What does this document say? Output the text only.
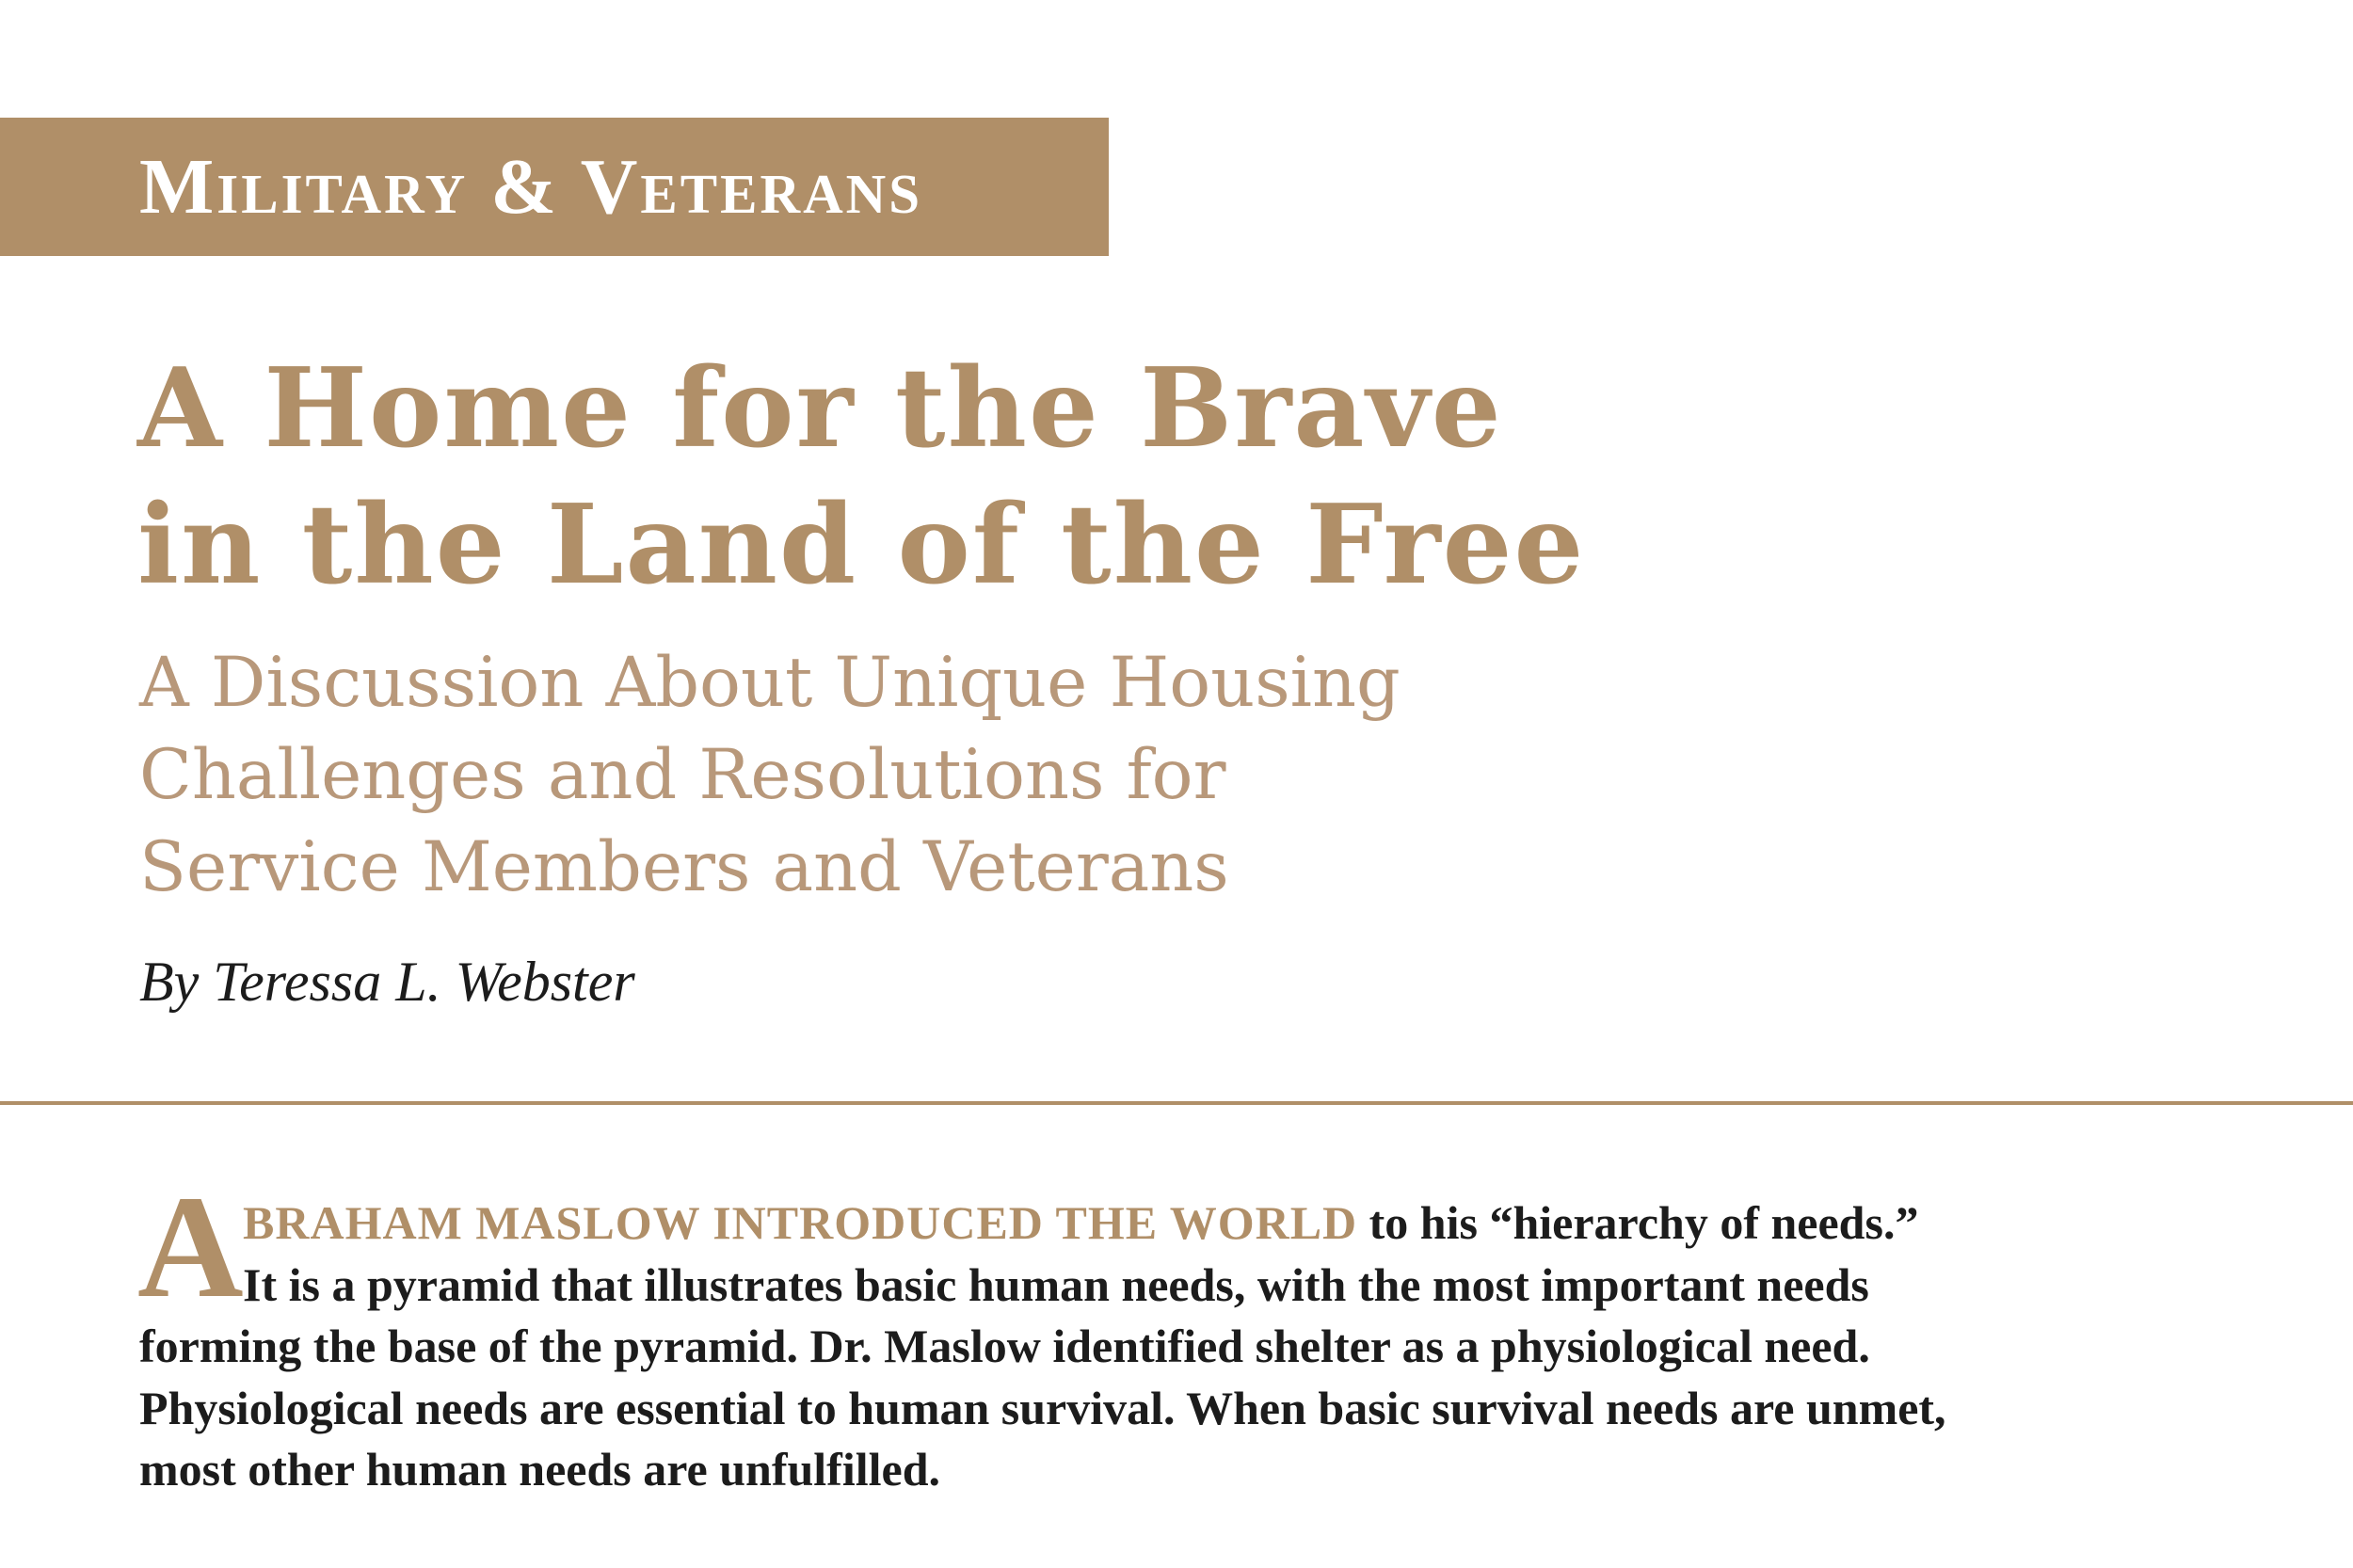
Military & Veterans
A Home for the Brave
in the Land of the Free
A Discussion About Unique Housing
Challenges and Resolutions for
Service Members and Veterans
By Teressa L. Webster
A BRAHAM MASLOW INTRODUCED THE WORLD to his “hierarchy of needs.”
It is a pyramid that illustrates basic human needs, with the most important needs
forming the base of the pyramid. Dr. Maslow identified shelter as a physiological need.
Physiological needs are essential to human survival. When basic survival needs are unmet,
most other human needs are unfulfilled.
